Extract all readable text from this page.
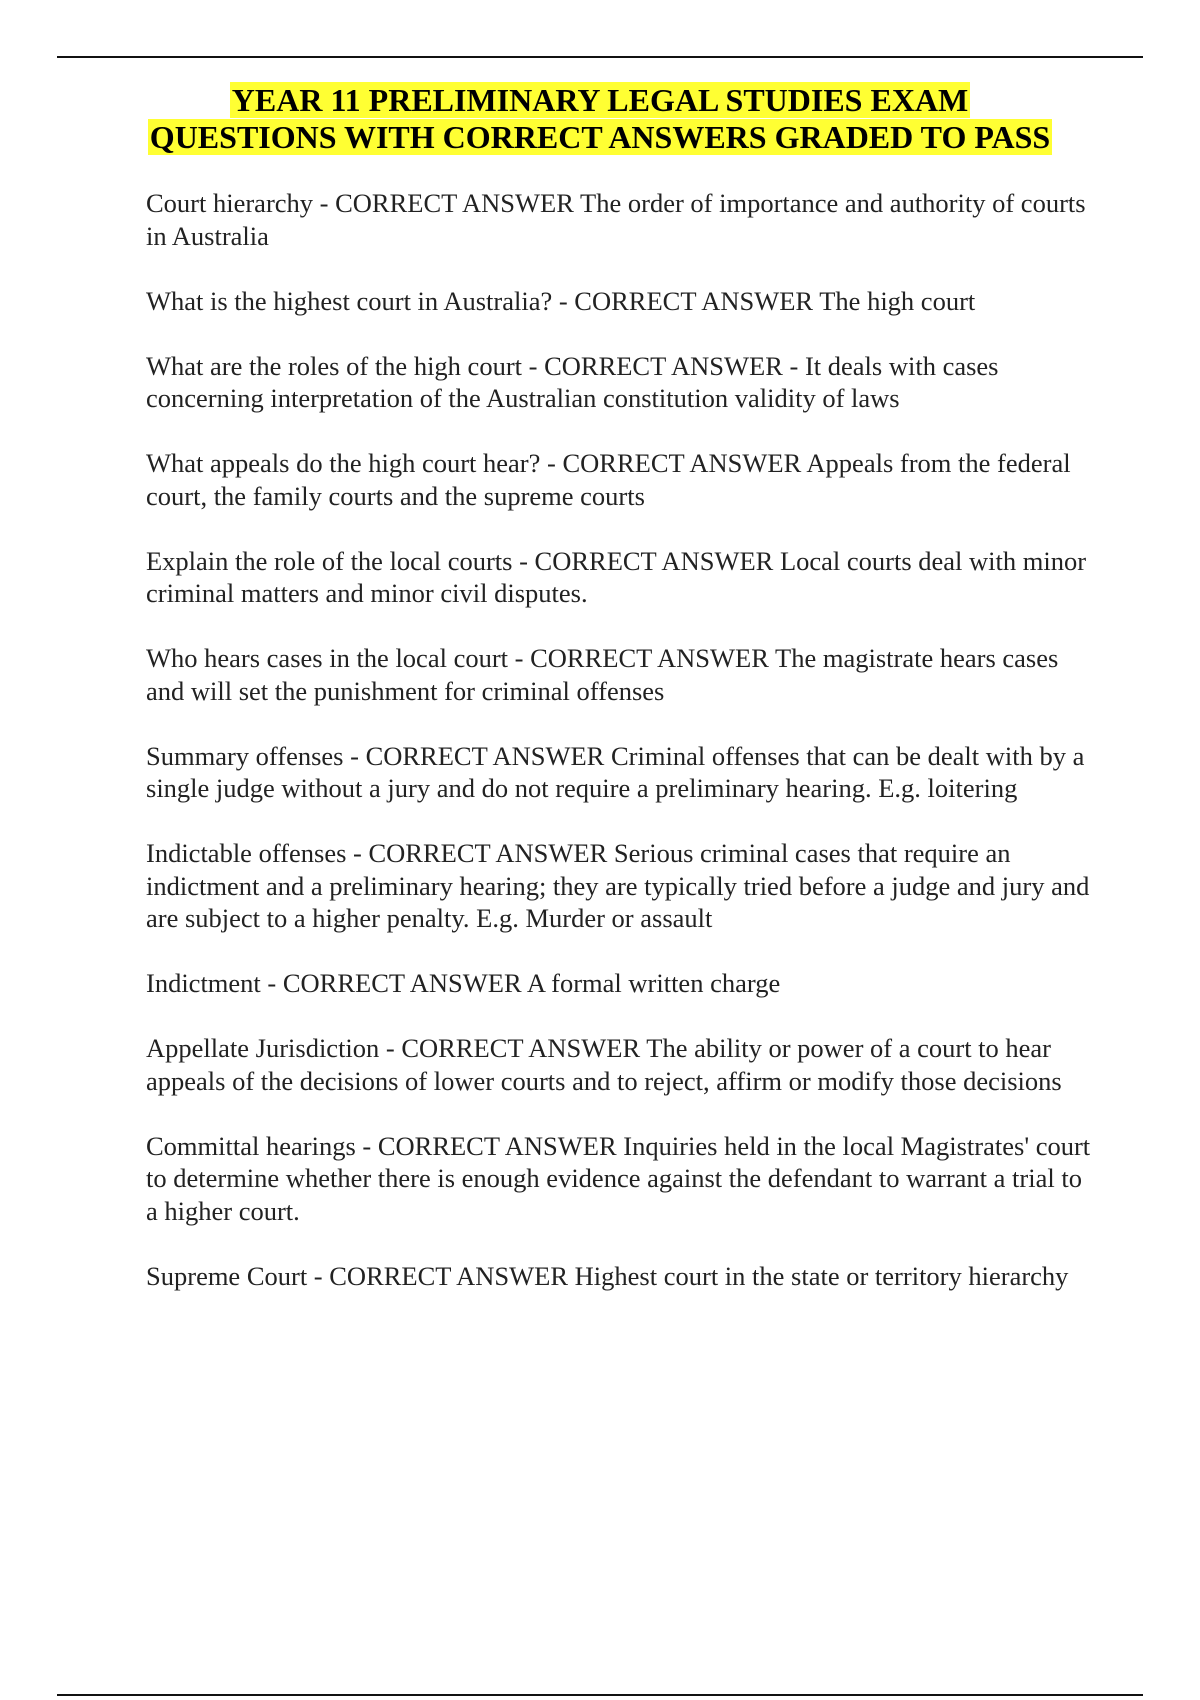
YEAR 11 PRELIMINARY LEGAL STUDIES EXAM
QUESTIONS WITH CORRECT ANSWERS GRADED TO PASS

Court hierarchy - CORRECT ANSWER The order of importance and authority of courts in Australia

What is the highest court in Australia? - CORRECT ANSWER The high court

What are the roles of the high court - CORRECT ANSWER - It deals with cases concerning interpretation of the Australian constitution validity of laws

What appeals do the high court hear? - CORRECT ANSWER Appeals from the federal court, the family courts and the supreme courts

Explain the role of the local courts - CORRECT ANSWER Local courts deal with minor criminal matters and minor civil disputes.

Who hears cases in the local court - CORRECT ANSWER The magistrate hears cases and will set the punishment for criminal offenses

Summary offenses - CORRECT ANSWER Criminal offenses that can be dealt with by a single judge without a jury and do not require a preliminary hearing. E.g. loitering

Indictable offenses - CORRECT ANSWER Serious criminal cases that require an indictment and a preliminary hearing; they are typically tried before a judge and jury and are subject to a higher penalty. E.g. Murder or assault

Indictment - CORRECT ANSWER A formal written charge

Appellate Jurisdiction - CORRECT ANSWER The ability or power of a court to hear appeals of the decisions of lower courts and to reject, affirm or modify those decisions

Committal hearings - CORRECT ANSWER Inquiries held in the local Magistrates' court to determine whether there is enough evidence against the defendant to warrant a trial to a higher court.

Supreme Court - CORRECT ANSWER Highest court in the state or territory hierarchy
